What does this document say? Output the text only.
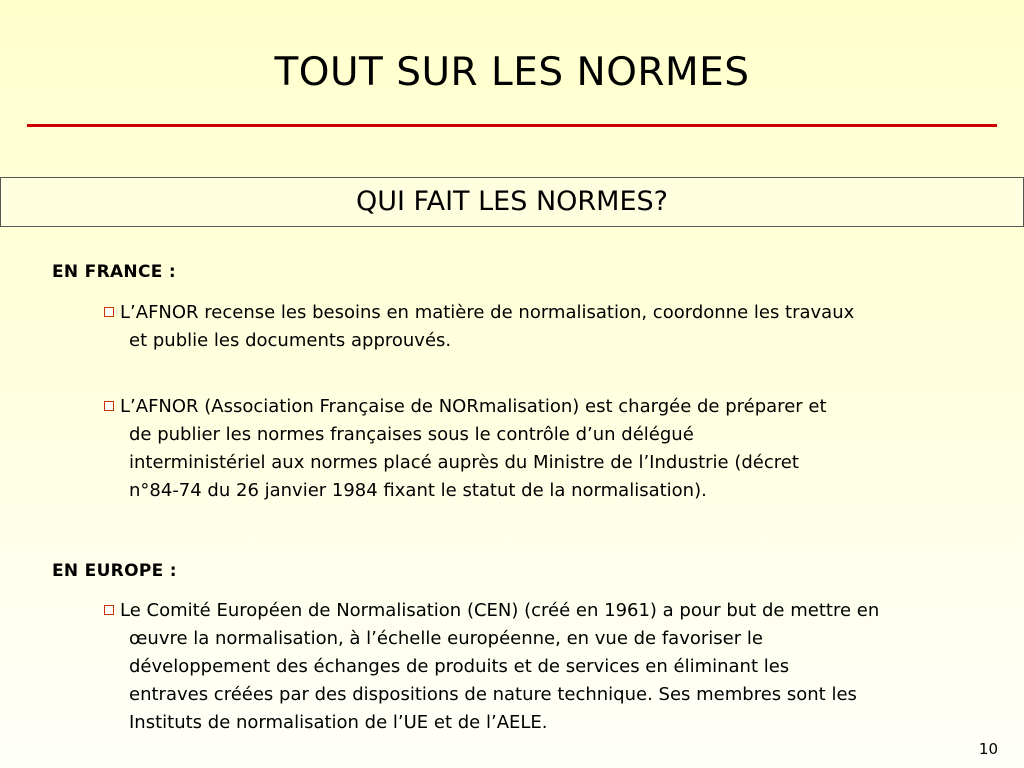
TOUT SUR LES NORMES
QUI FAIT LES NORMES?
EN FRANCE :
L’AFNOR recense les besoins en matière de normalisation, coordonne les travaux
et publie les documents approuvés.
L’AFNOR (Association Française de NORmalisation) est chargée de préparer et
de publier les normes françaises sous le contrôle d’un délégué
interministériel aux normes placé auprès du Ministre de l’Industrie (décret
n°84-74 du 26 janvier 1984 fixant le statut de la normalisation).
EN EUROPE :
Le Comité Européen de Normalisation (CEN) (créé en 1961) a pour but de mettre en
œuvre la normalisation, à l’échelle européenne, en vue de favoriser le
développement des échanges de produits et de services en éliminant les
entraves créées par des dispositions de nature technique. Ses membres sont les
Instituts de normalisation de l’UE et de l’AELE.
10
